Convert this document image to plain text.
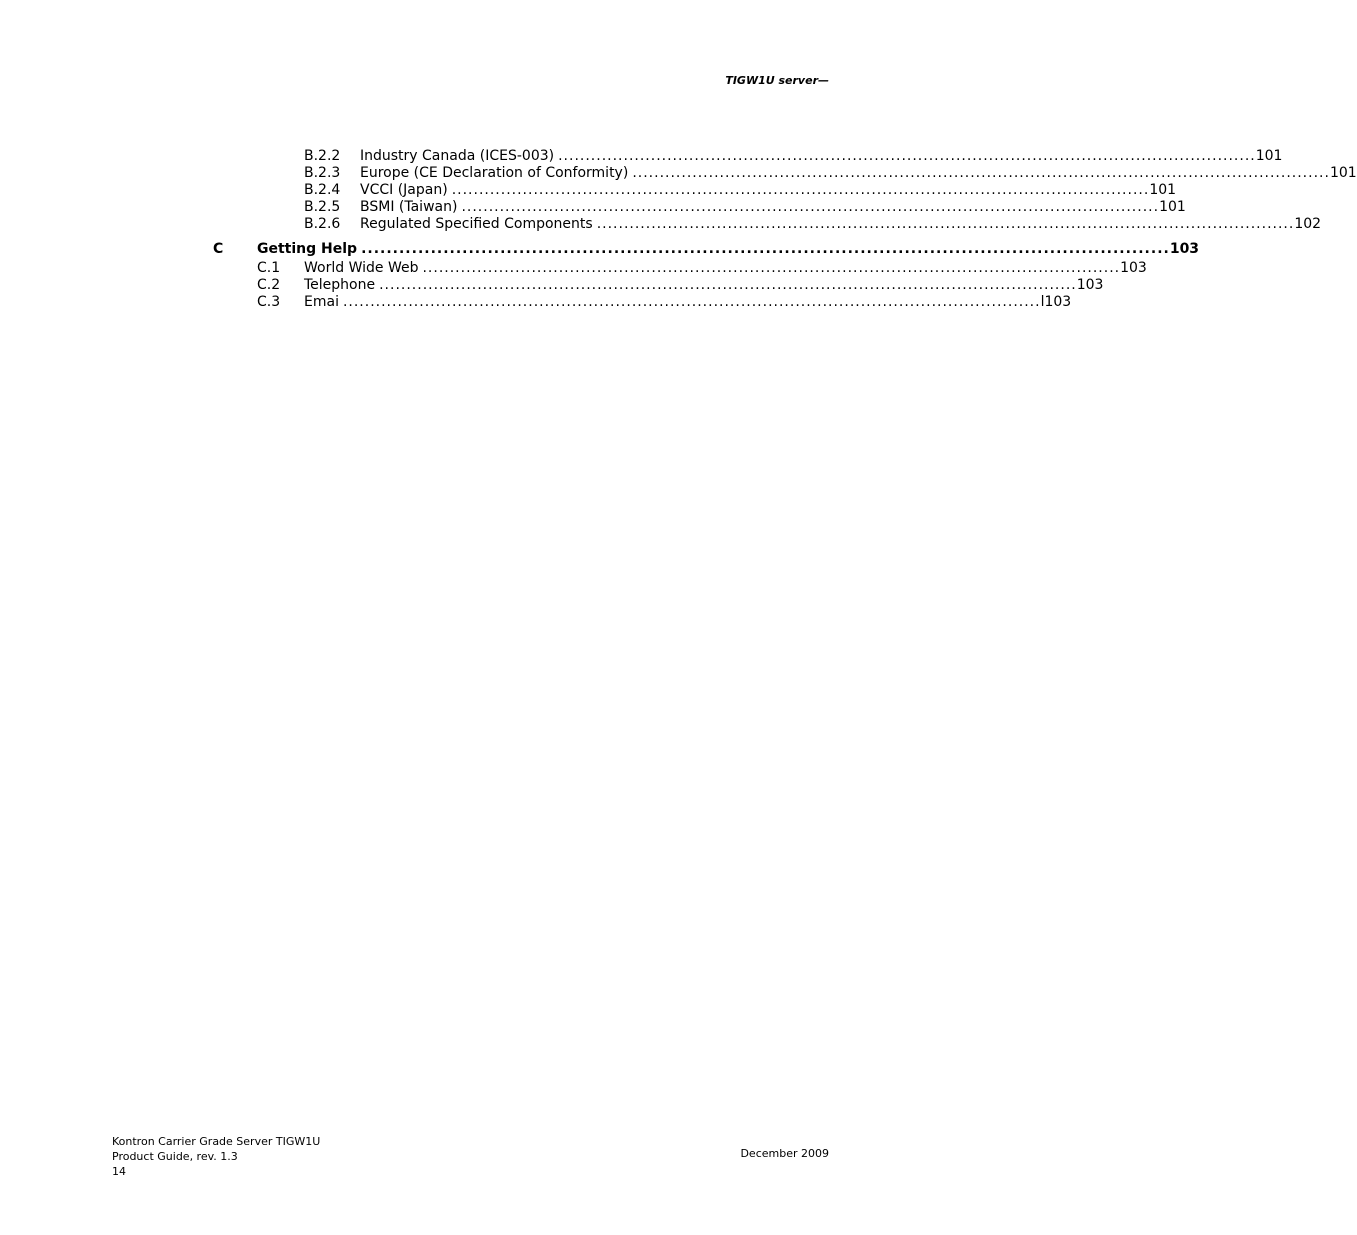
TIGW1U server—
B.2.2	Industry Canada (ICES-003) ................................................................................................................................ 101
B.2.3	Europe (CE Declaration of Conformity) ................................................................................................................................ 101
B.2.4	VCCI (Japan) ................................................................................................................................ 101
B.2.5	BSMI (Taiwan) ................................................................................................................................ 101
B.2.6	Regulated Specified Components ................................................................................................................................ 102
C	Getting Help ................................................................................................................................ 103
C.1	World Wide Web ................................................................................................................................ 103
C.2	Telephone ................................................................................................................................ 103
C.3	Emai ................................................................................................................................ l103
Kontron Carrier Grade Server TIGW1U
Product Guide, rev. 1.3
14
December 2009
